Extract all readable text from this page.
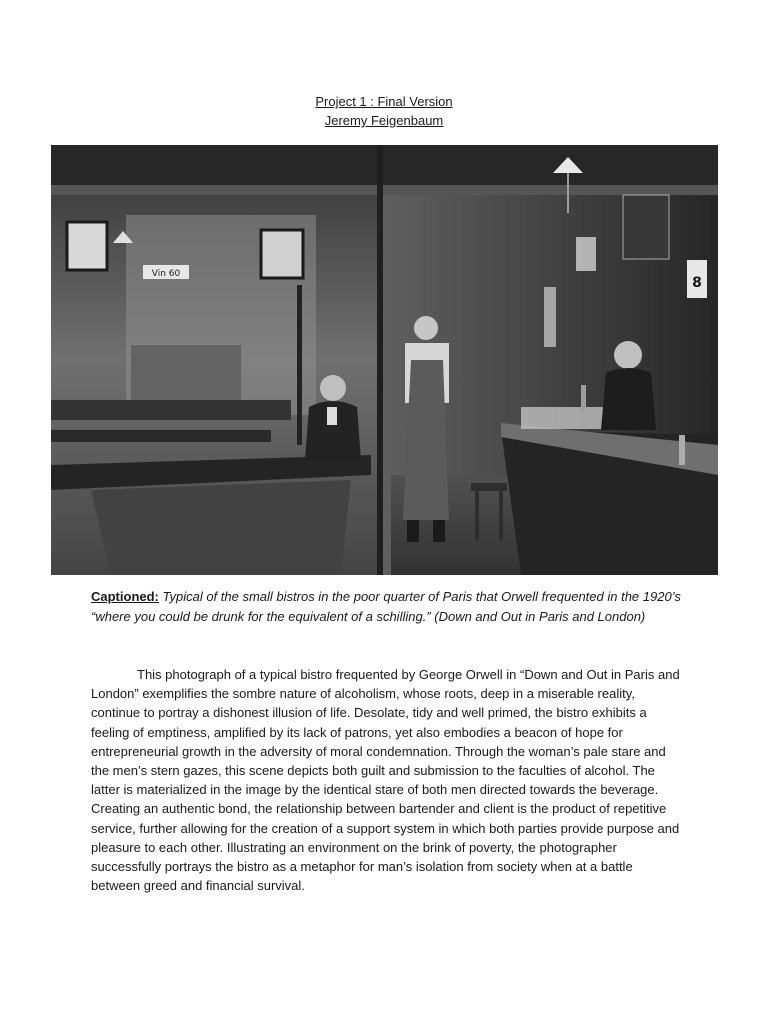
Project 1 : Final Version
Jeremy Feigenbaum
Vin 60
8
Captioned: Typical of the small bistros in the poor quarter of Paris that Orwell frequented in the 1920’s “where you could be drunk for the equivalent of a schilling.” (Down and Out in Paris and London)
This photograph of a typical bistro frequented by George Orwell in “Down and Out in Paris and London” exemplifies the sombre nature of alcoholism, whose roots, deep in a miserable reality, continue to portray a dishonest illusion of life. Desolate, tidy and well primed, the bistro exhibits a feeling of emptiness, amplified by its lack of patrons, yet also embodies a beacon of hope for entrepreneurial growth in the adversity of moral condemnation. Through the woman’s pale stare and the men’s stern gazes, this scene depicts both guilt and submission to the faculties of alcohol. The latter is materialized in the image by the identical stare of both men directed towards the beverage. Creating an authentic bond, the relationship between bartender and client is the product of repetitive service, further allowing for the creation of a support system in which both parties provide purpose and pleasure to each other. Illustrating an environment on the brink of poverty, the photographer successfully portrays the bistro as a metaphor for man’s isolation from society when at a battle between greed and financial survival.
